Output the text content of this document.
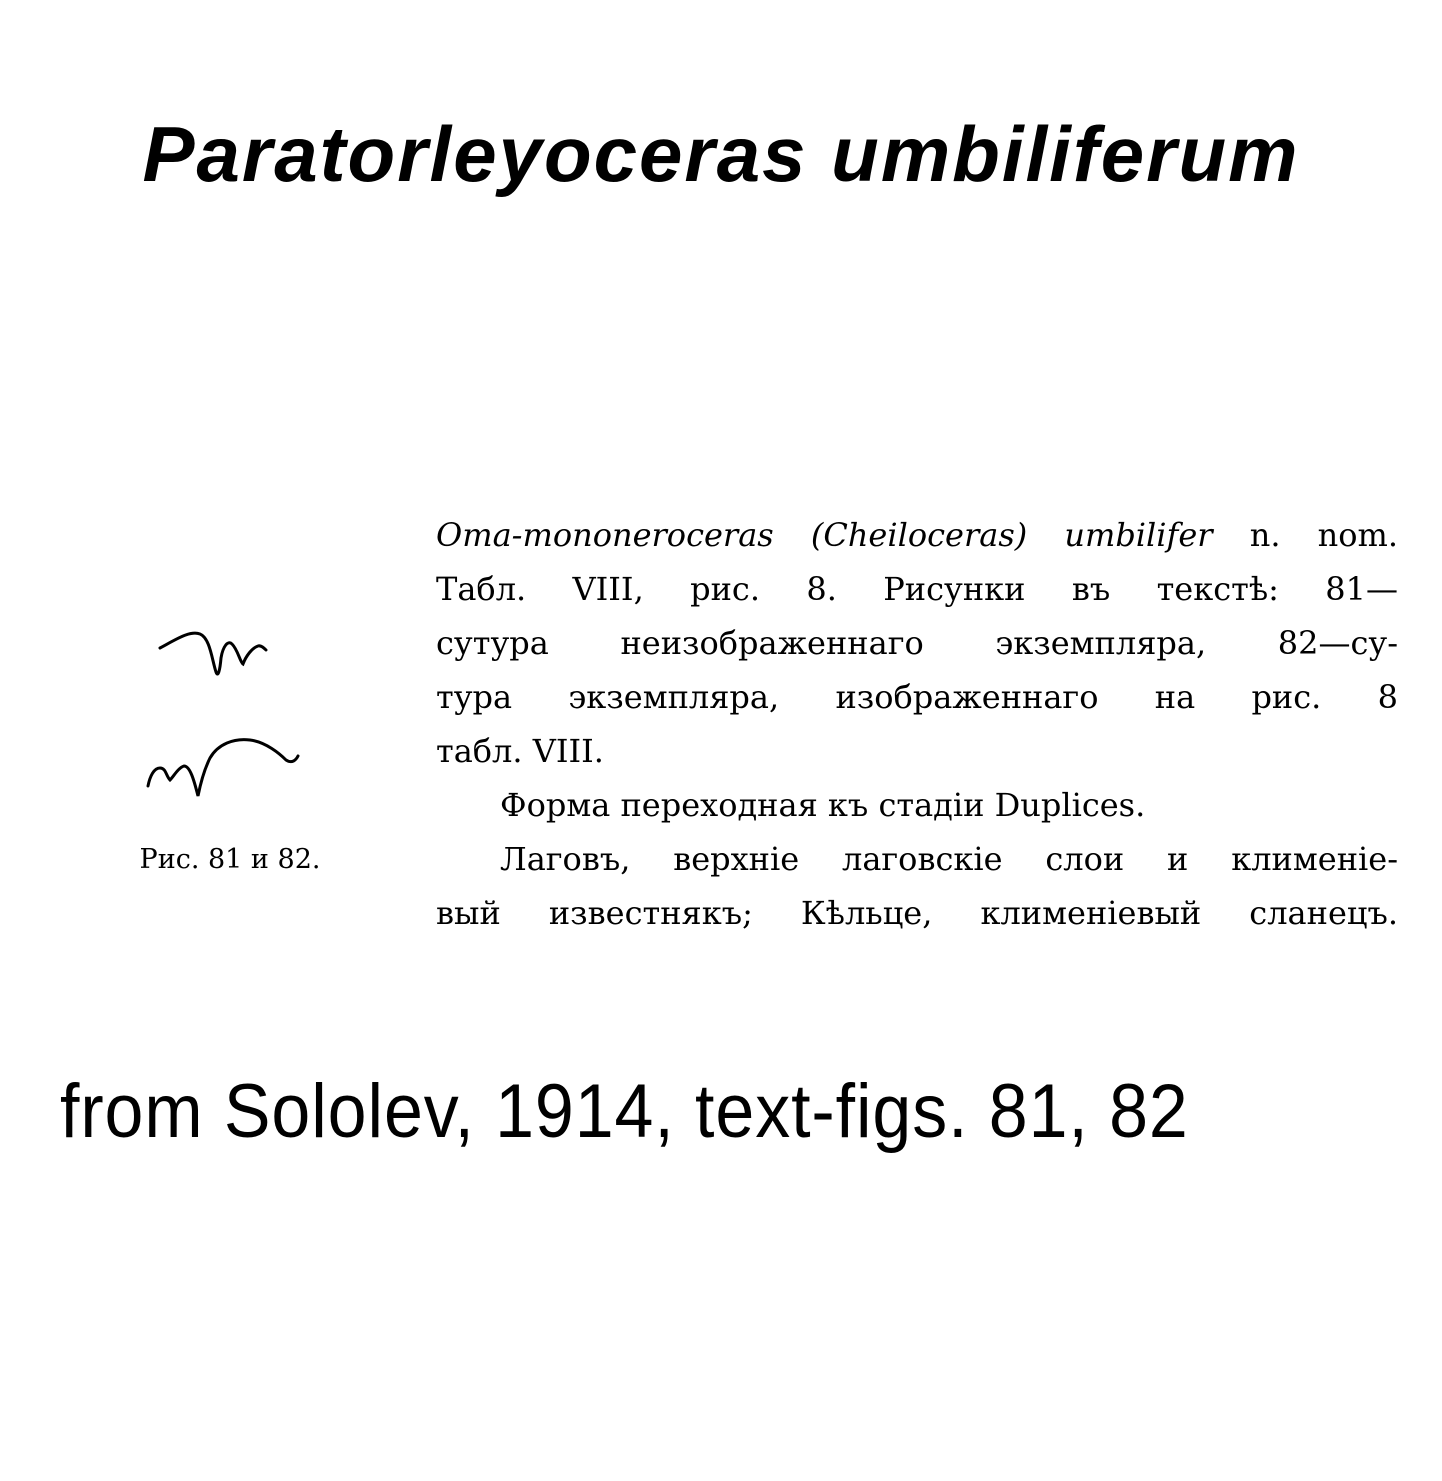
Paratorleyoceras umbiliferum
Рис. 81 и 82.
Oma-mononeroceras (Cheiloceras) umbilifer n. nom.
Табл. VIII, рис. 8. Рисунки въ текстѣ: 81—
сутура неизображеннаго экземпляра, 82—су-
тура экземпляра, изображеннаго на рис. 8
табл. VIII.
Форма переходная къ стадіи Duplices.
Лаговъ, верхніе лаговскіе слои и клименіе-
вый известнякъ; Кѣльце, клименіевый сланецъ.
from Sololev, 1914, text-figs. 81, 82
